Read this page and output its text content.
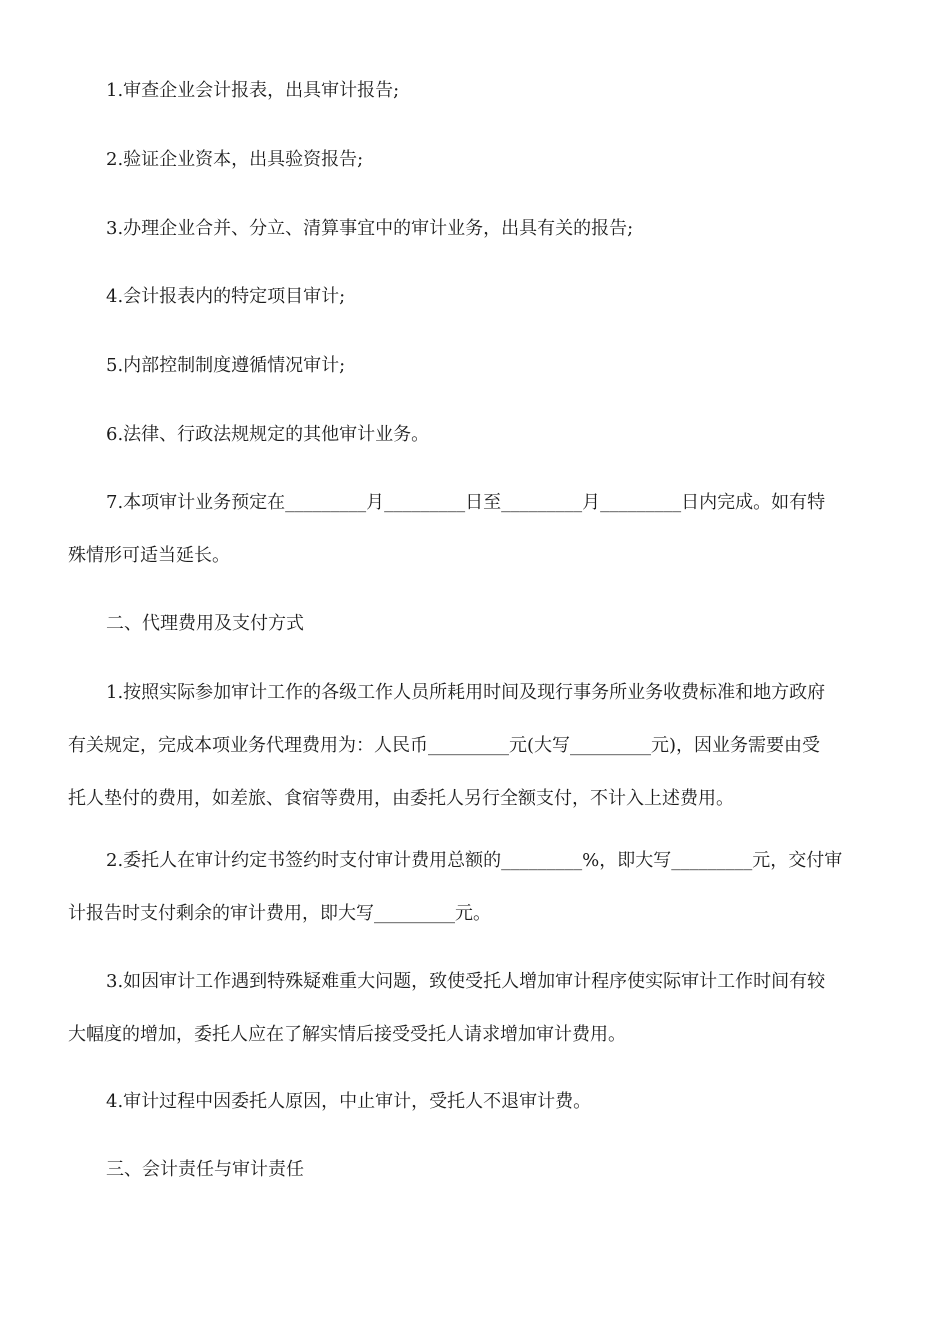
1.审查企业会计报表，出具审计报告;

2.验证企业资本，出具验资报告;

3.办理企业合并、分立、清算事宜中的审计业务，出具有关的报告;

4.会计报表内的特定项目审计;

5.内部控制制度遵循情况审计;

6.法律、行政法规规定的其他审计业务。

7.本项审计业务预定在_________月_________日至_________月_________日内完成。如有特
殊情形可适当延长。

二、代理费用及支付方式

1.按照实际参加审计工作的各级工作人员所耗用时间及现行事务所业务收费标准和地方政府
有关规定，完成本项业务代理费用为：人民币_________元(大写_________元)，因业务需要由受
托人垫付的费用，如差旅、食宿等费用，由委托人另行全额支付，不计入上述费用。

2.委托人在审计约定书签约时支付审计费用总额的_________%，即大写_________元，交付审
计报告时支付剩余的审计费用，即大写_________元。

3.如因审计工作遇到特殊疑难重大问题，致使受托人增加审计程序使实际审计工作时间有较
大幅度的增加，委托人应在了解实情后接受受托人请求增加审计费用。

4.审计过程中因委托人原因，中止审计，受托人不退审计费。

三、会计责任与审计责任
